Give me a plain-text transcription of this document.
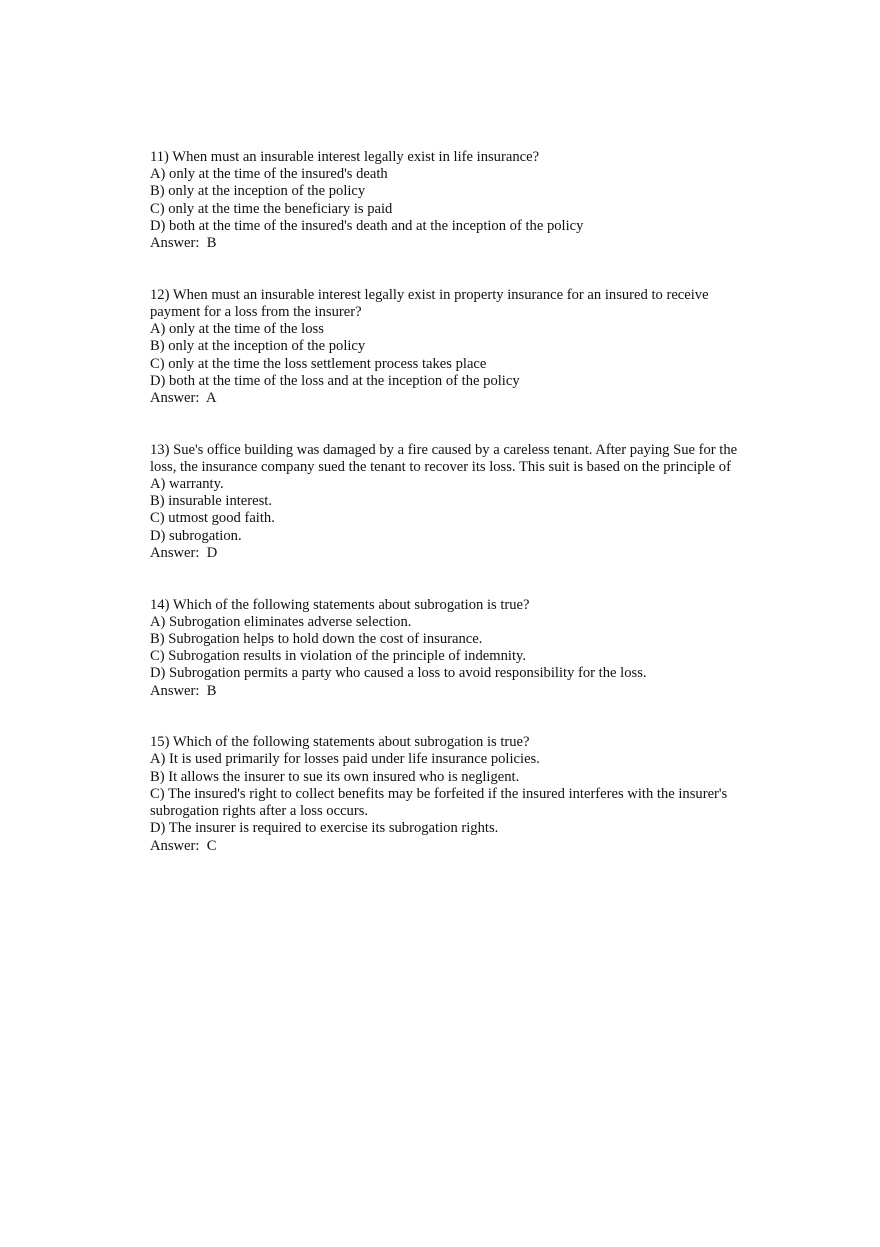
11) When must an insurable interest legally exist in life insurance?
A) only at the time of the insured's death
B) only at the inception of the policy
C) only at the time the beneficiary is paid
D) both at the time of the insured's death and at the inception of the policy
Answer:  B
12) When must an insurable interest legally exist in property insurance for an insured to receive payment for a loss from the insurer?
A) only at the time of the loss
B) only at the inception of the policy
C) only at the time the loss settlement process takes place
D) both at the time of the loss and at the inception of the policy
Answer:  A
13) Sue's office building was damaged by a fire caused by a careless tenant. After paying Sue for the loss, the insurance company sued the tenant to recover its loss. This suit is based on the principle of
A) warranty.
B) insurable interest.
C) utmost good faith.
D) subrogation.
Answer:  D
14) Which of the following statements about subrogation is true?
A) Subrogation eliminates adverse selection.
B) Subrogation helps to hold down the cost of insurance.
C) Subrogation results in violation of the principle of indemnity.
D) Subrogation permits a party who caused a loss to avoid responsibility for the loss.
Answer:  B
15) Which of the following statements about subrogation is true?
A) It is used primarily for losses paid under life insurance policies.
B) It allows the insurer to sue its own insured who is negligent.
C) The insured's right to collect benefits may be forfeited if the insured interferes with the insurer's subrogation rights after a loss occurs.
D) The insurer is required to exercise its subrogation rights.
Answer:  C
